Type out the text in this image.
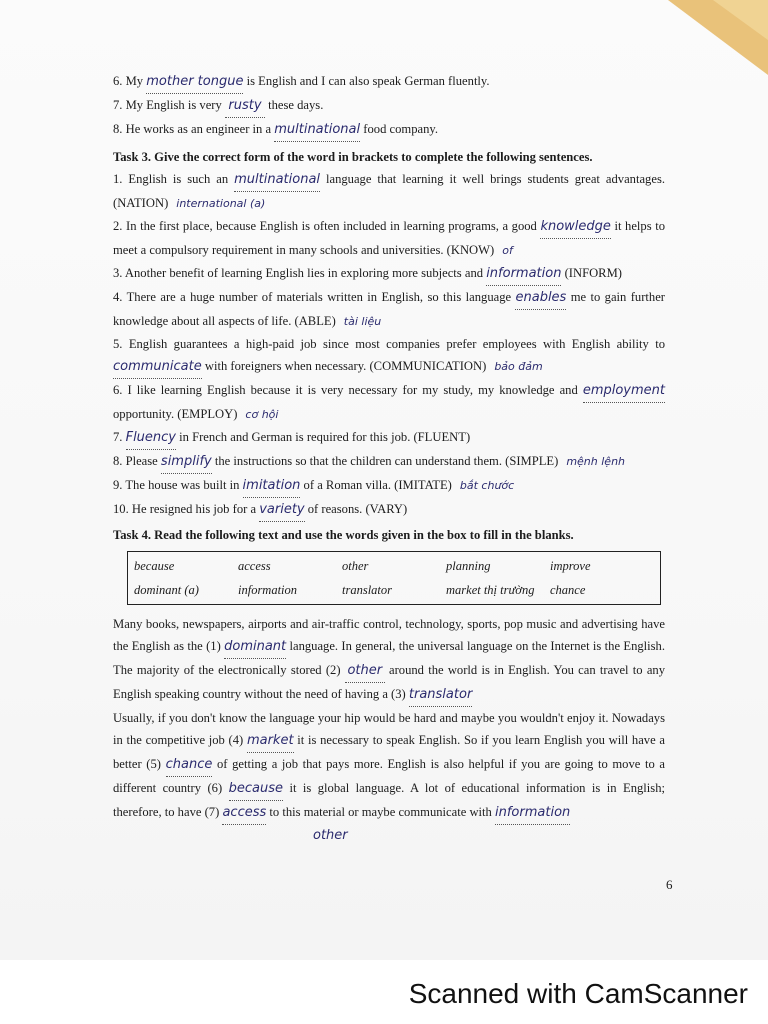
6. My mother tongue is English and I can also speak German fluently.
7. My English is very rusty these days.
8. He works as an engineer in a multinational food company.
Task 3. Give the correct form of the word in brackets to complete the following sentences.
1. English is such an multinational language that learning it well brings students great advantages. (NATION) international (a)
2. In the first place, because English is often included in learning programs, a good knowledge it helps to meet a compulsory requirement in many schools and universities. (KNOW) of
3. Another benefit of learning English lies in exploring more subjects and information (INFORM)
4. There are a huge number of materials written in English, so this language enables me to gain further knowledge about all aspects of life. (ABLE) tài liệu
5. English guarantees a high-paid job since most companies prefer employees with English ability to communicate with foreigners when necessary. (COMMUNICATION) bảo đảm
6. I like learning English because it is very necessary for my study, my knowledge and employment opportunity. (EMPLOY) cơ hội
7. Fluency in French and German is required for this job. (FLUENT)
8. Please simplify the instructions so that the children can understand them. (SIMPLE) mệnh lệnh
9. The house was built in imitation of a Roman villa. (IMITATE) bắt chước
10. He resigned his job for a variety of reasons. (VARY)
Task 4. Read the following text and use the words given in the box to fill in the blanks.
because	access	other	planning	improve
dominant (a)	information	translator	market thị trường	chance
Many books, newspapers, airports and air-traffic control, technology, sports, pop music and advertising have the English as the (1) dominant language. In general, the universal language on the Internet is the English. The majority of the electronically stored (2) other around the world is in English. You can travel to any English speaking country without the need of having a (3) translator
Usually, if you don't know the language your hip would be hard and maybe you wouldn't enjoy it. Nowadays in the competitive job (4) market it is necessary to speak English. So if you learn English you will have a better (5) chance of getting a job that pays more. English is also helpful if you are going to move to a different country (6) because it is global language. A lot of educational information is in English; therefore, to have (7) access to this material or maybe communicate with information
other
6
Scanned with CamScanner
